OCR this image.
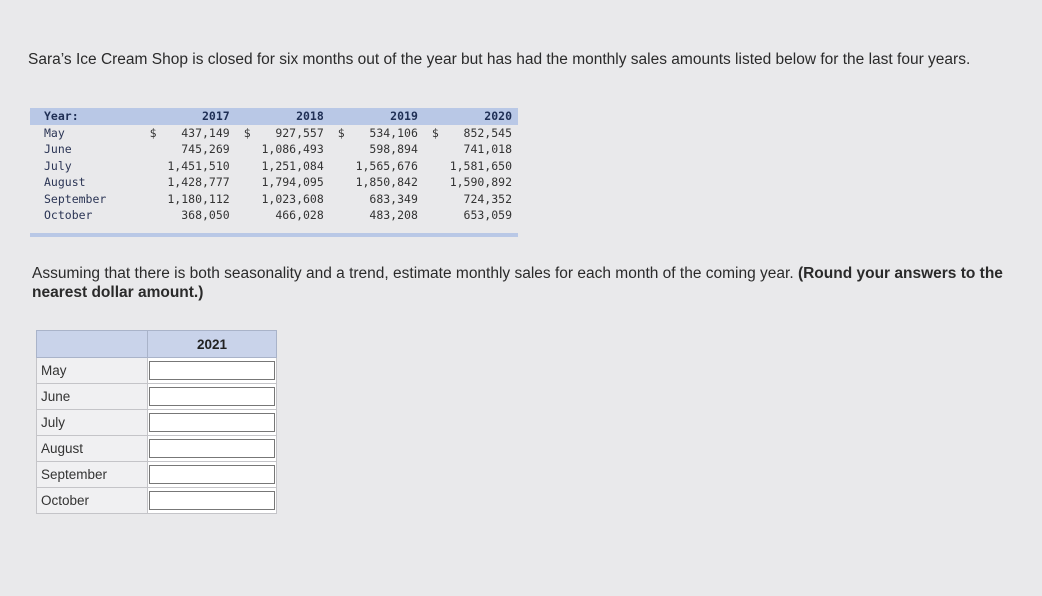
Sara’s Ice Cream Shop is closed for six months out of the year but has had the monthly sales amounts listed below for the last four years.
Year:	2017	2018	2019	2020
May	$ 437,149	$ 927,557	$ 534,106	$ 852,545
June	745,269	1,086,493	598,894	741,018
July	1,451,510	1,251,084	1,565,676	1,581,650
August	1,428,777	1,794,095	1,850,842	1,590,892
September	1,180,112	1,023,608	683,349	724,352
October	368,050	466,028	483,208	653,059
Assuming that there is both seasonality and a trend, estimate monthly sales for each month of the coming year. (Round your answers to the nearest dollar amount.)
	2021
May	
June	
July	
August	
September	
October	
